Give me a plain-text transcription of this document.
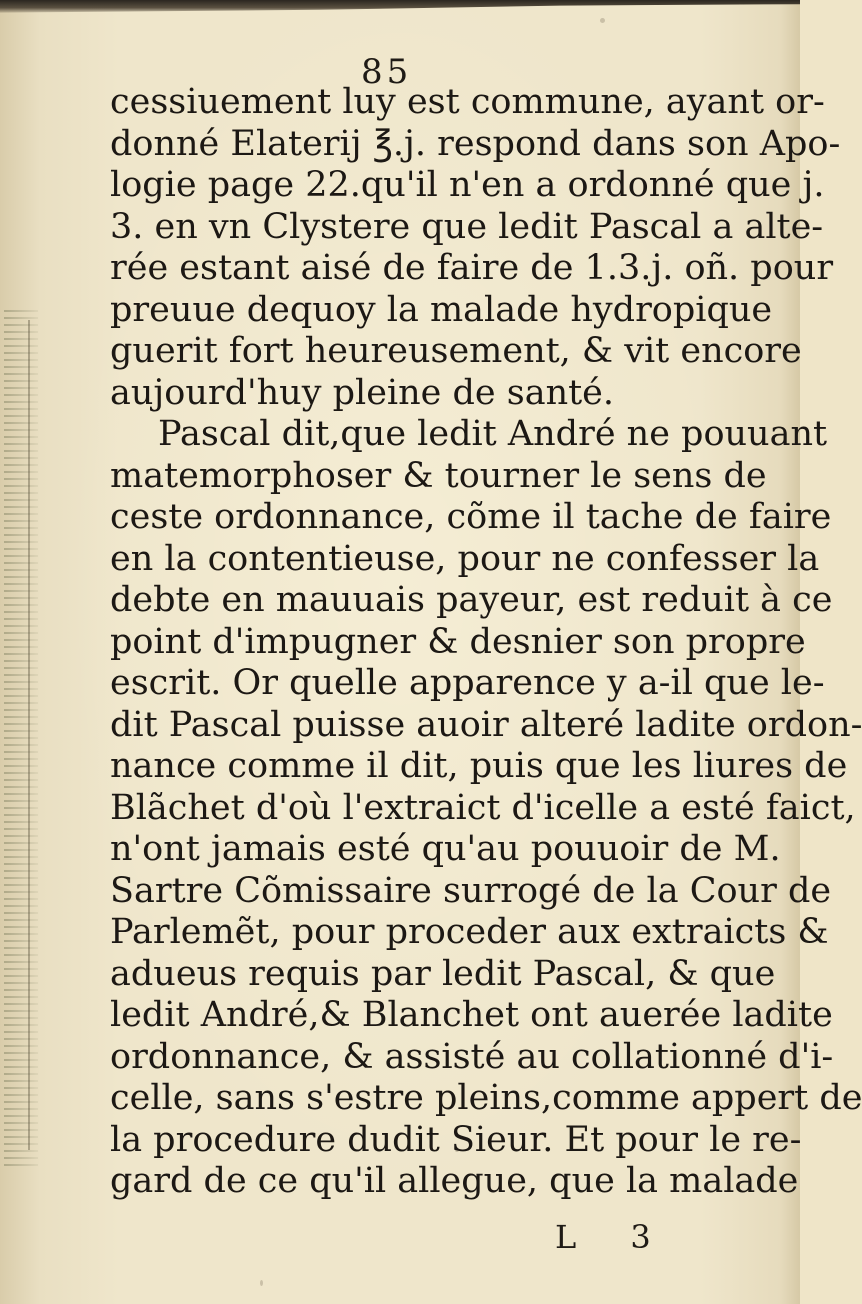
85
cessiuement luy est commune, ayant or-
donné Elaterij ℥.j. respond dans son Apo-
logie page 22.qu'il n'en a ordonné que j.
3. en vn Clystere que ledit Pascal a alte-
rée estant aisé de faire de 1.3.j. oñ. pour
preuue dequoy la malade hydropique
guerit fort heureusement, & vit encore
aujourd'huy pleine de santé.
Pascal dit,que ledit André ne pouuant
matemorphoser & tourner le sens de
ceste ordonnance, cõme il tache de faire
en la contentieuse, pour ne confesser la
debte en mauuais payeur, est reduit à ce
point d'impugner & desnier son propre
escrit. Or quelle apparence y a-il que le-
dit Pascal puisse auoir alteré ladite ordon-
nance comme il dit, puis que les liures de
Blãchet d'où l'extraict d'icelle a esté faict,
n'ont jamais esté qu'au pouuoir de M.
Sartre Cõmissaire surrogé de la Cour de
Parlemẽt, pour proceder aux extraicts &
adueus requis par ledit Pascal, & que
ledit André,& Blanchet ont auerée ladite
ordonnance, & assisté au collationné d'i-
celle, sans s'estre pleins,comme appert de
la procedure dudit Sieur. Et pour le re-
gard de ce qu'il allegue, que la malade
L 3
